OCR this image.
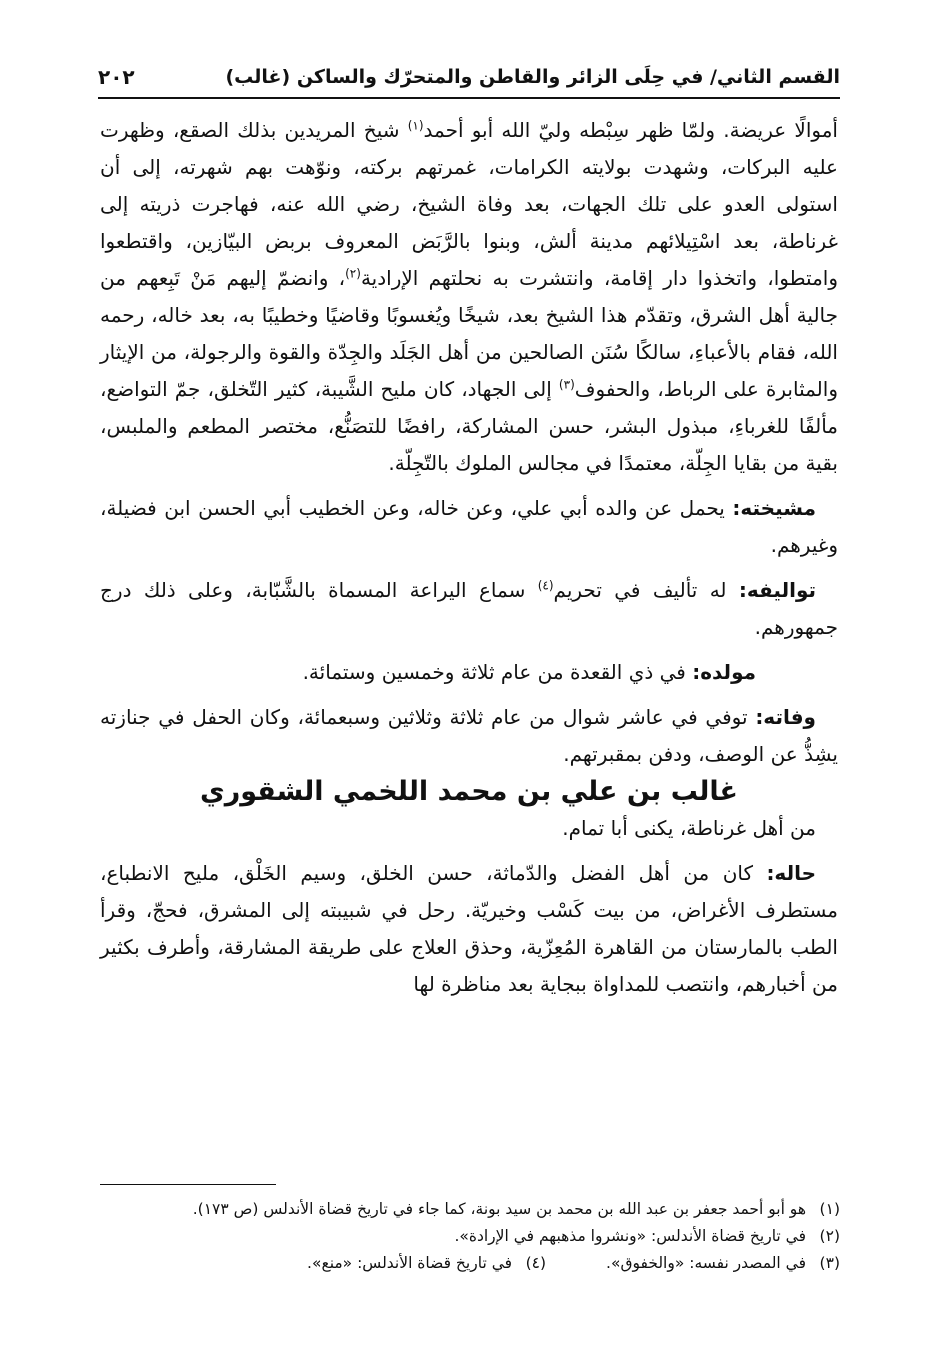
القسم الثاني/ في حِلَى الزائر والقاطن والمتحرّك والساكن (غالب)
٢٠٢

أموالًا عريضة. ولمّا ظهر سِبْطه وليّ الله أبو أحمد$^{(١)}$ شيخ المريدين بذلك الصقع، وظهرت عليه البركات، وشهدت بولايته الكرامات، غمرتهم بركته، ونوّهت بهم شهرته، إلى أن استولى العدو على تلك الجهات، بعد وفاة الشيخ، رضي الله عنه، فهاجرت ذريته إلى غرناطة، بعد اسْتِيلائهم مدينة ألش، وبنوا بالرَّبَض المعروف بربض البيّازين، واقتطعوا وامتطوا، واتخذوا دار إقامة، وانتشرت به نحلتهم الإرادية$^{(٢)}$، وانضمّ إليهم مَنْ تَبِعهم من جالية أهل الشرق، وتقدّم هذا الشيخ بعد، شيخًا ويُغسوبًا وقاضيًا وخطيبًا به، بعد خاله، رحمه الله، فقام بالأعباءِ، سالكًا سُنَن الصالحين من أهل الجَلَد والجِدّة والقوة والرجولة، من الإيثار والمثابرة على الرباط، والحفوف$^{(٣)}$ إلى الجهاد، كان مليح الشَّيبة، كثير التّخلق، جمّ التواضع، مألفًا للغرباءِ، مبذول البشر، حسن المشاركة، رافضًا للتصَنُّع، مختصر المطعم والملبس، بقية من بقايا الجِلّة، معتمدًا في مجالس الملوك بالتّجِلّة.

مشيخته: يحمل عن والده أبي علي، وعن خاله، وعن الخطيب أبي الحسن ابن فضيلة، وغيرهم.

تواليفه: له تأليف في تحريم$^{(٤)}$ سماع اليراعة المسماة بالشَّبّابة، وعلى ذلك درج جمهورهم.

مولده: في ذي القعدة من عام ثلاثة وخمسين وستمائة.

وفاته: توفي في عاشر شوال من عام ثلاثة وثلاثين وسبعمائة، وكان الحفل في جنازته يشِذُّ عن الوصف، ودفن بمقبرتهم.

غالب بن علي بن محمد اللخمي الشقوري

من أهل غرناطة، يكنى أبا تمام.

حاله: كان من أهل الفضل والدّماثة، حسن الخلق، وسيم الخَلْق، مليح الانطباع، مستطرف الأغراض، من بيت كَسْب وخيريّة. رحل في شبيبته إلى المشرق، فحجّ، وقرأ الطب بالمارستان من القاهرة المُعِزّية، وحذق العلاج على طريقة المشارقة، وأطرف بكثير من أخبارهم، وانتصب للمداواة ببجاية بعد مناظرة لها

(١)
هو أبو أحمد جعفر بن عبد الله بن محمد بن سيد بونة، كما جاء في تاريخ قضاة الأندلس (ص ١٧٣).

(٢)
في تاريخ قضاة الأندلس: «ونشروا مذهبهم في الإرادة».

(٣)
في المصدر نفسه: «والخفوق».

(٤)
في تاريخ قضاة الأندلس: «منع».
